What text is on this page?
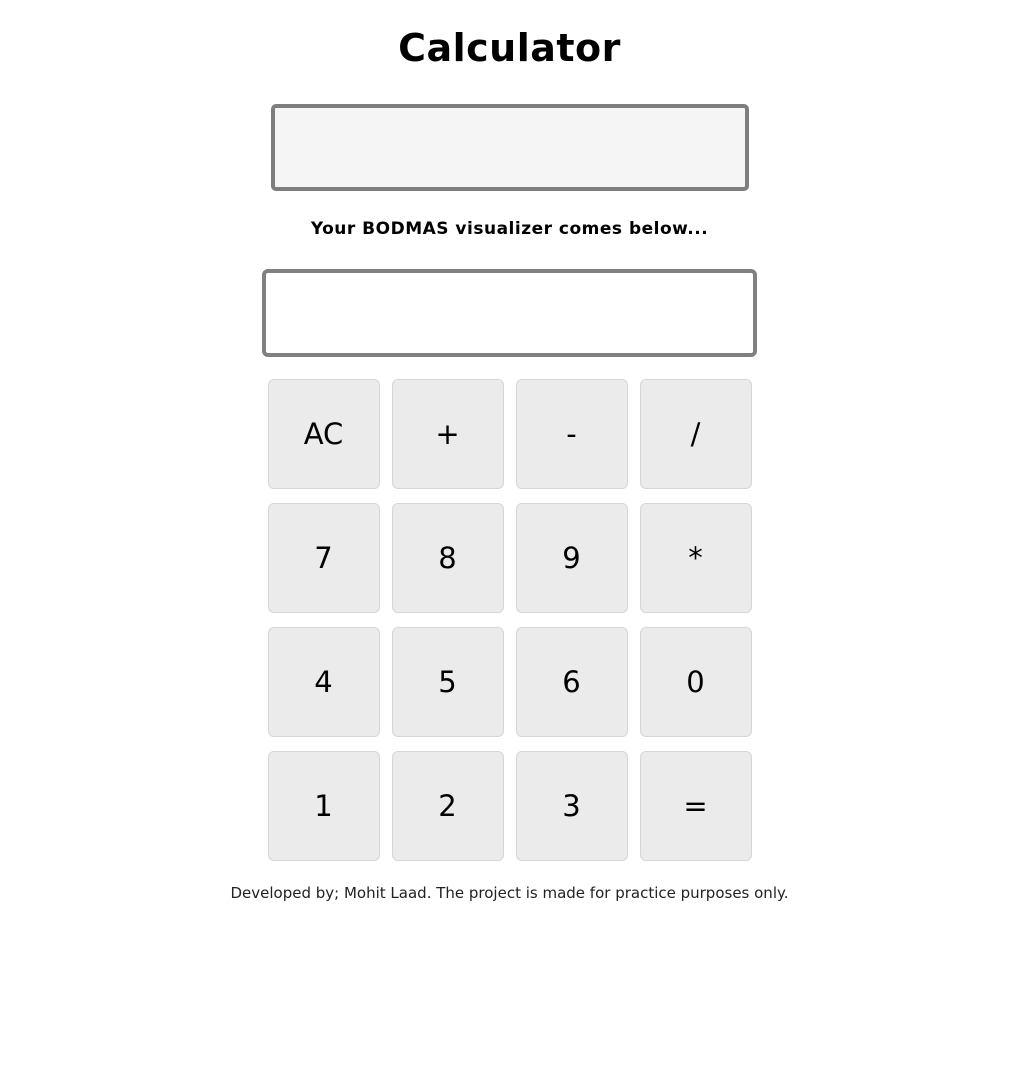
Calculator

Your BODMAS visualizer comes below...

AC	+	-	/
7	8	9	*
4	5	6	0
1	2	3	=

Developed by; Mohit Laad. The project is made for practice purposes only.
